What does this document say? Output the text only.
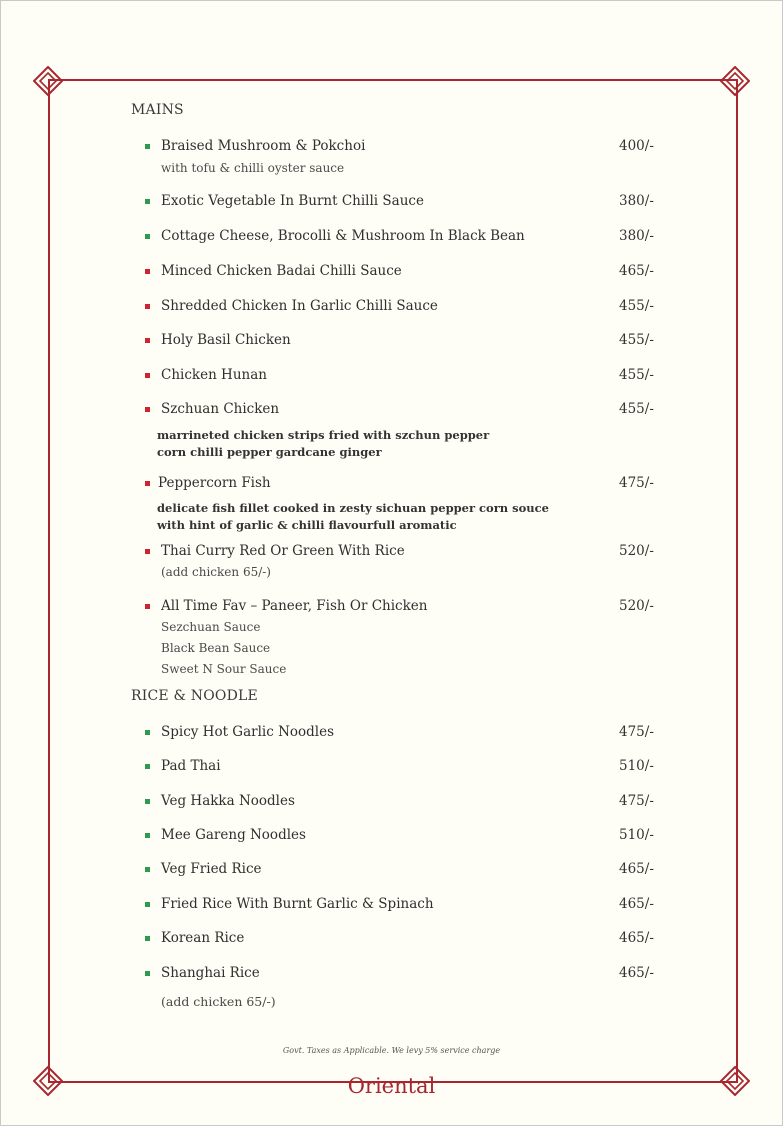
MAINS
Braised Mushroom & Pokchoi	400/-
with tofu & chilli oyster sauce
Exotic Vegetable In Burnt Chilli Sauce	380/-
Cottage Cheese, Brocolli & Mushroom In Black Bean	380/-
Minced Chicken Badai Chilli Sauce	465/-
Shredded Chicken In Garlic Chilli Sauce	455/-
Holy Basil Chicken	455/-
Chicken Hunan	455/-
Szchuan Chicken	455/-
marrineted chicken strips fried with szchun pepper
corn chilli pepper gardcane ginger
Peppercorn Fish	475/-
delicate fish fillet cooked in zesty sichuan pepper corn souce
with hint of garlic & chilli flavourfull aromatic
Thai Curry Red Or Green With Rice	520/-
(add chicken 65/-)
All Time Fav – Paneer, Fish Or Chicken	520/-
Sezchuan Sauce
Black Bean Sauce
Sweet N Sour Sauce
RICE & NOODLE
Spicy Hot Garlic Noodles	475/-
Pad Thai	510/-
Veg Hakka Noodles	475/-
Mee Gareng Noodles	510/-
Veg Fried Rice	465/-
Fried Rice With Burnt Garlic & Spinach	465/-
Korean Rice	465/-
Shanghai Rice	465/-
(add chicken 65/-)
Govt. Taxes as Applicable. We levy 5% service charge
Oriental
